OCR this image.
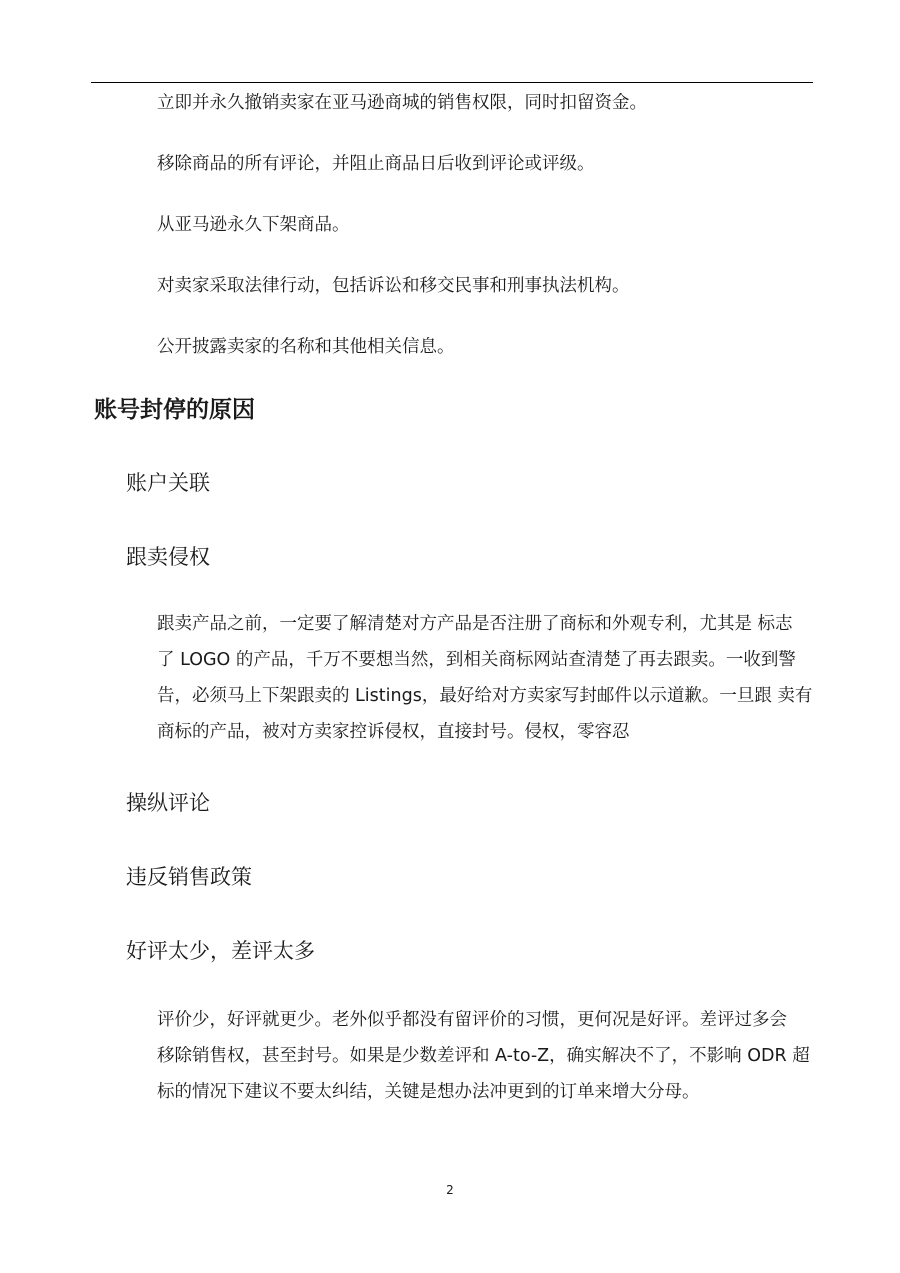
立即并永久撤销卖家在亚马逊商城的销售权限，同时扣留资金。

移除商品的所有评论，并阻止商品日后收到评论或评级。

从亚马逊永久下架商品。

对卖家采取法律行动，包括诉讼和移交民事和刑事执法机构。

公开披露卖家的名称和其他相关信息。

账号封停的原因
账户关联
跟卖侵权
跟卖产品之前，一定要了解清楚对方产品是否注册了商标和外观专利，尤其是 标志
了 LOGO 的产品，千万不要想当然，到相关商标网站查清楚了再去跟卖。一收到警
告，必须马上下架跟卖的 Listings，最好给对方卖家写封邮件以示道歉。一旦跟 卖有
商标的产品，被对方卖家控诉侵权，直接封号。侵权，零容忍
操纵评论
违反销售政策
好评太少，差评太多
评价少，好评就更少。老外似乎都没有留评价的习惯，更何况是好评。差评过多会
移除销售权，甚至封号。如果是少数差评和 A-to-Z，确实解决不了，不影响 ODR 超
标的情况下建议不要太纠结，关键是想办法冲更到的订单来增大分母。
2
